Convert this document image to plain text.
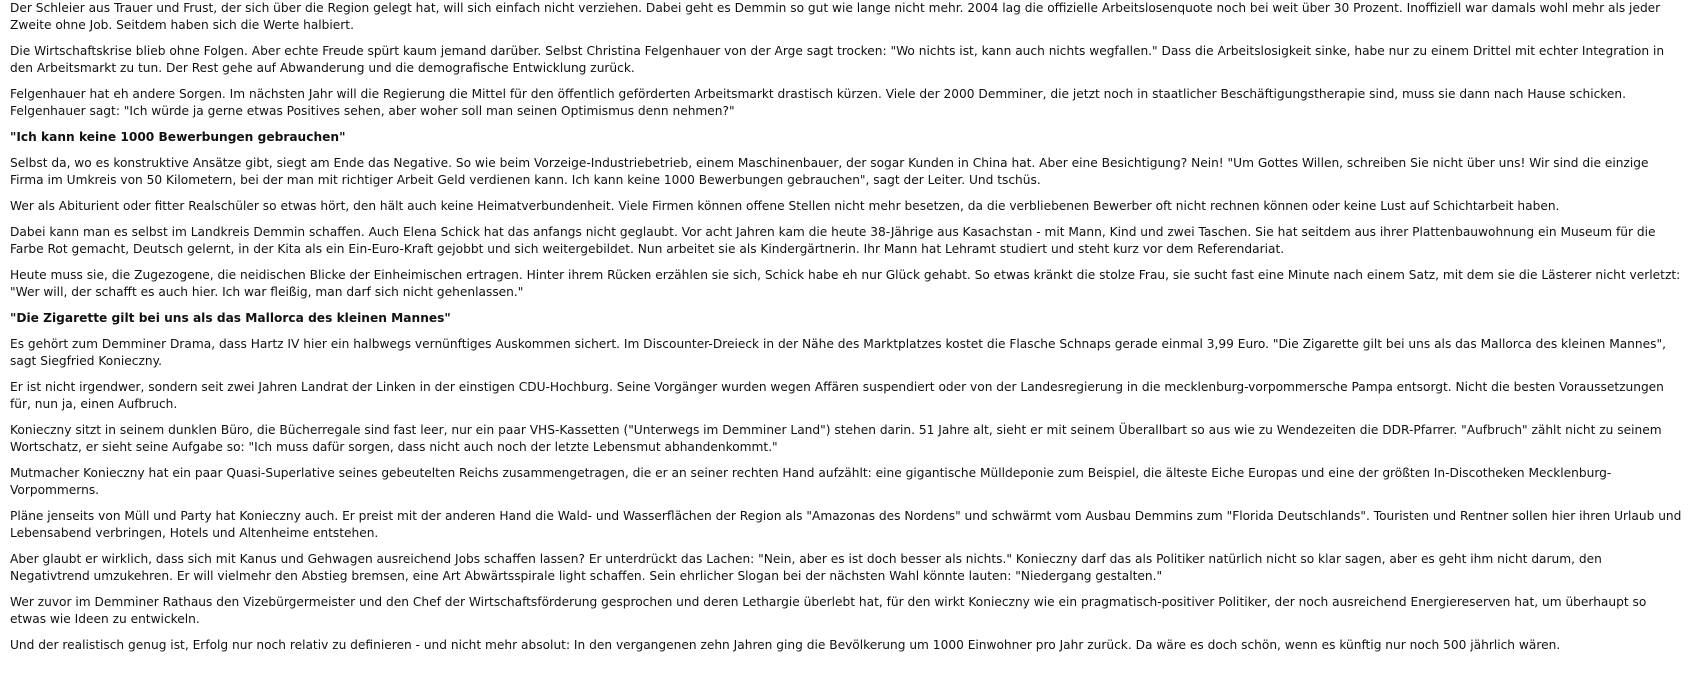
Der Schleier aus Trauer und Frust, der sich über die Region gelegt hat, will sich einfach nicht verziehen. Dabei geht es Demmin so gut wie lange nicht mehr. 2004 lag die offizielle Arbeitslosenquote noch bei weit über 30 Prozent. Inoffiziell war damals wohl mehr als jeder Zweite ohne Job. Seitdem haben sich die Werte halbiert.

Die Wirtschaftskrise blieb ohne Folgen. Aber echte Freude spürt kaum jemand darüber. Selbst Christina Felgenhauer von der Arge sagt trocken: "Wo nichts ist, kann auch nichts wegfallen." Dass die Arbeitslosigkeit sinke, habe nur zu einem Drittel mit echter Integration in den Arbeitsmarkt zu tun. Der Rest gehe auf Abwanderung und die demografische Entwicklung zurück.

Felgenhauer hat eh andere Sorgen. Im nächsten Jahr will die Regierung die Mittel für den öffentlich geförderten Arbeitsmarkt drastisch kürzen. Viele der 2000 Demminer, die jetzt noch in staatlicher Beschäftigungstherapie sind, muss sie dann nach Hause schicken. Felgenhauer sagt: "Ich würde ja gerne etwas Positives sehen, aber woher soll man seinen Optimismus denn nehmen?"

"Ich kann keine 1000 Bewerbungen gebrauchen"

Selbst da, wo es konstruktive Ansätze gibt, siegt am Ende das Negative. So wie beim Vorzeige-Industriebetrieb, einem Maschinenbauer, der sogar Kunden in China hat. Aber eine Besichtigung? Nein! "Um Gottes Willen, schreiben Sie nicht über uns! Wir sind die einzige Firma im Umkreis von 50 Kilometern, bei der man mit richtiger Arbeit Geld verdienen kann. Ich kann keine 1000 Bewerbungen gebrauchen", sagt der Leiter. Und tschüs.

Wer als Abiturient oder fitter Realschüler so etwas hört, den hält auch keine Heimatverbundenheit. Viele Firmen können offene Stellen nicht mehr besetzen, da die verbliebenen Bewerber oft nicht rechnen können oder keine Lust auf Schichtarbeit haben.

Dabei kann man es selbst im Landkreis Demmin schaffen. Auch Elena Schick hat das anfangs nicht geglaubt. Vor acht Jahren kam die heute 38-Jährige aus Kasachstan - mit Mann, Kind und zwei Taschen. Sie hat seitdem aus ihrer Plattenbauwohnung ein Museum für die Farbe Rot gemacht, Deutsch gelernt, in der Kita als ein Ein-Euro-Kraft gejobbt und sich weitergebildet. Nun arbeitet sie als Kindergärtnerin. Ihr Mann hat Lehramt studiert und steht kurz vor dem Referendariat.

Heute muss sie, die Zugezogene, die neidischen Blicke der Einheimischen ertragen. Hinter ihrem Rücken erzählen sie sich, Schick habe eh nur Glück gehabt. So etwas kränkt die stolze Frau, sie sucht fast eine Minute nach einem Satz, mit dem sie die Lästerer nicht verletzt: "Wer will, der schafft es auch hier. Ich war fleißig, man darf sich nicht gehenlassen."

"Die Zigarette gilt bei uns als das Mallorca des kleinen Mannes"

Es gehört zum Demminer Drama, dass Hartz IV hier ein halbwegs vernünftiges Auskommen sichert. Im Discounter-Dreieck in der Nähe des Marktplatzes kostet die Flasche Schnaps gerade einmal 3,99 Euro. "Die Zigarette gilt bei uns als das Mallorca des kleinen Mannes", sagt Siegfried Konieczny.

Er ist nicht irgendwer, sondern seit zwei Jahren Landrat der Linken in der einstigen CDU-Hochburg. Seine Vorgänger wurden wegen Affären suspendiert oder von der Landesregierung in die mecklenburg-vorpommersche Pampa entsorgt. Nicht die besten Voraussetzungen für, nun ja, einen Aufbruch.

Konieczny sitzt in seinem dunklen Büro, die Bücherregale sind fast leer, nur ein paar VHS-Kassetten ("Unterwegs im Demminer Land") stehen darin. 51 Jahre alt, sieht er mit seinem Überallbart so aus wie zu Wendezeiten die DDR-Pfarrer. "Aufbruch" zählt nicht zu seinem Wortschatz, er sieht seine Aufgabe so: "Ich muss dafür sorgen, dass nicht auch noch der letzte Lebensmut abhandenkommt."

Mutmacher Konieczny hat ein paar Quasi-Superlative seines gebeutelten Reichs zusammengetragen, die er an seiner rechten Hand aufzählt: eine gigantische Mülldeponie zum Beispiel, die älteste Eiche Europas und eine der größten In-Discotheken Mecklenburg-Vorpommerns.

Pläne jenseits von Müll und Party hat Konieczny auch. Er preist mit der anderen Hand die Wald- und Wasserflächen der Region als "Amazonas des Nordens" und schwärmt vom Ausbau Demmins zum "Florida Deutschlands". Touristen und Rentner sollen hier ihren Urlaub und Lebensabend verbringen, Hotels und Altenheime entstehen.

Aber glaubt er wirklich, dass sich mit Kanus und Gehwagen ausreichend Jobs schaffen lassen? Er unterdrückt das Lachen: "Nein, aber es ist doch besser als nichts." Konieczny darf das als Politiker natürlich nicht so klar sagen, aber es geht ihm nicht darum, den Negativtrend umzukehren. Er will vielmehr den Abstieg bremsen, eine Art Abwärtsspirale light schaffen. Sein ehrlicher Slogan bei der nächsten Wahl könnte lauten: "Niedergang gestalten."

Wer zuvor im Demminer Rathaus den Vizebürgermeister und den Chef der Wirtschaftsförderung gesprochen und deren Lethargie überlebt hat, für den wirkt Konieczny wie ein pragmatisch-positiver Politiker, der noch ausreichend Energiereserven hat, um überhaupt so etwas wie Ideen zu entwickeln.

Und der realistisch genug ist, Erfolg nur noch relativ zu definieren - und nicht mehr absolut: In den vergangenen zehn Jahren ging die Bevölkerung um 1000 Einwohner pro Jahr zurück. Da wäre es doch schön, wenn es künftig nur noch 500 jährlich wären.
